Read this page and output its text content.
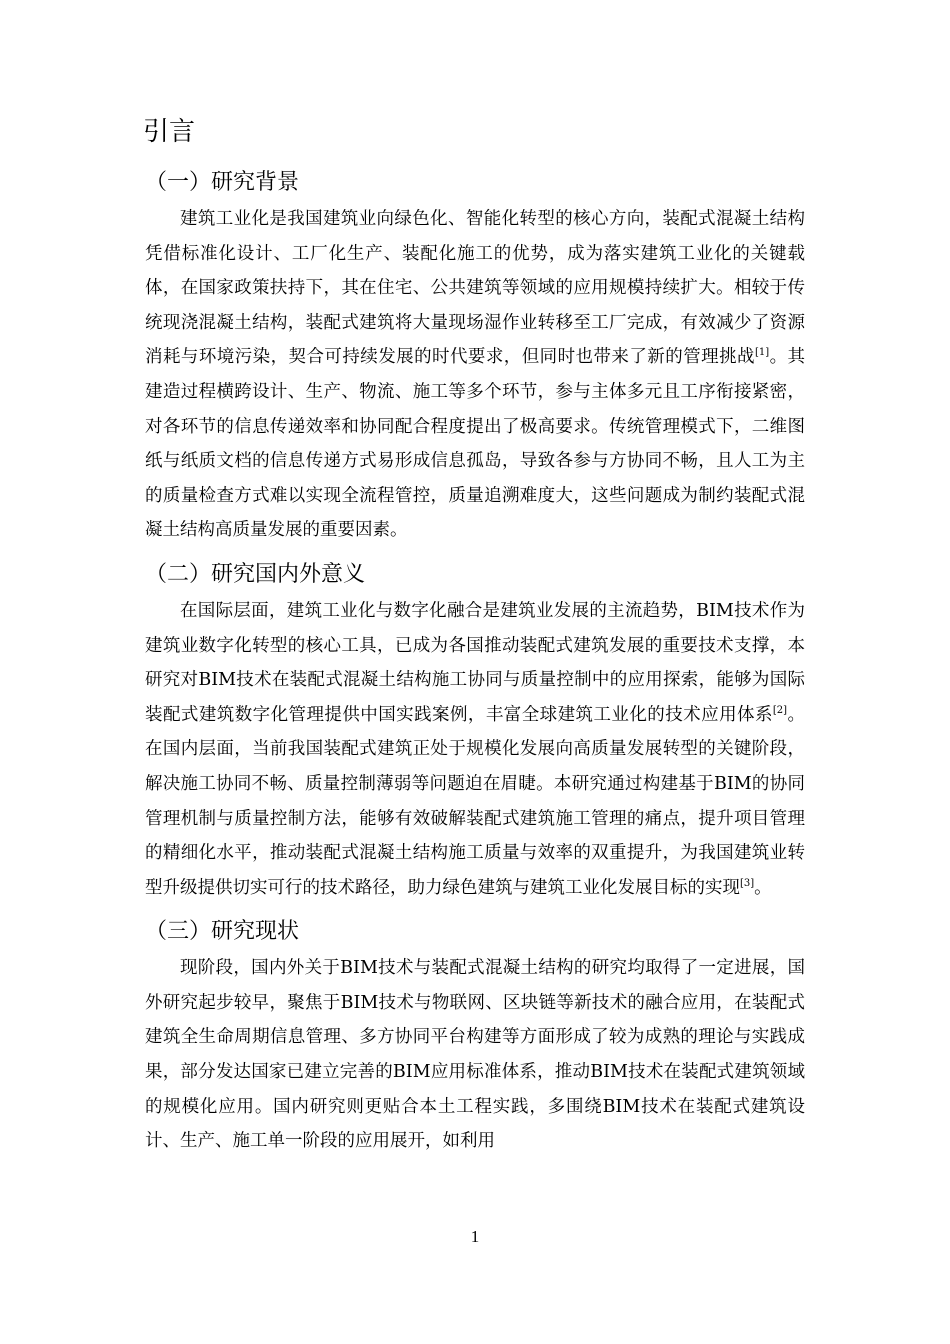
引言
（一）研究背景

建筑工业化是我国建筑业向绿色化、智能化转型的核心方向，装配式混凝土结构凭借标准化设计、工厂化生产、装配化施工的优势，成为落实建筑工业化的关键载体，在国家政策扶持下，其在住宅、公共建筑等领域的应用规模持续扩大。相较于传统现浇混凝土结构，装配式建筑将大量现场湿作业转移至工厂完成，有效减少了资源消耗与环境污染，契合可持续发展的时代要求，但同时也带来了新的管理挑战[1]。其建造过程横跨设计、生产、物流、施工等多个环节，参与主体多元且工序衔接紧密，对各环节的信息传递效率和协同配合程度提出了极高要求。传统管理模式下，二维图纸与纸质文档的信息传递方式易形成信息孤岛，导致各参与方协同不畅，且人工为主的质量检查方式难以实现全流程管控，质量追溯难度大，这些问题成为制约装配式混凝土结构高质量发展的重要因素。

（二）研究国内外意义

在国际层面，建筑工业化与数字化融合是建筑业发展的主流趋势，BIM技术作为建筑业数字化转型的核心工具，已成为各国推动装配式建筑发展的重要技术支撑，本研究对BIM技术在装配式混凝土结构施工协同与质量控制中的应用探索，能够为国际装配式建筑数字化管理提供中国实践案例，丰富全球建筑工业化的技术应用体系[2]。在国内层面，当前我国装配式建筑正处于规模化发展向高质量发展转型的关键阶段，解决施工协同不畅、质量控制薄弱等问题迫在眉睫。本研究通过构建基于BIM的协同管理机制与质量控制方法，能够有效破解装配式建筑施工管理的痛点，提升项目管理的精细化水平，推动装配式混凝土结构施工质量与效率的双重提升，为我国建筑业转型升级提供切实可行的技术路径，助力绿色建筑与建筑工业化发展目标的实现[3]。

（三）研究现状

现阶段，国内外关于BIM技术与装配式混凝土结构的研究均取得了一定进展，国外研究起步较早，聚焦于BIM技术与物联网、区块链等新技术的融合应用，在装配式建筑全生命周期信息管理、多方协同平台构建等方面形成了较为成熟的理论与实践成果，部分发达国家已建立完善的BIM应用标准体系，推动BIM技术在装配式建筑领域的规模化应用。国内研究则更贴合本土工程实践，多围绕BIM技术在装配式建筑设计、生产、施工单一阶段的应用展开，如利用

1
